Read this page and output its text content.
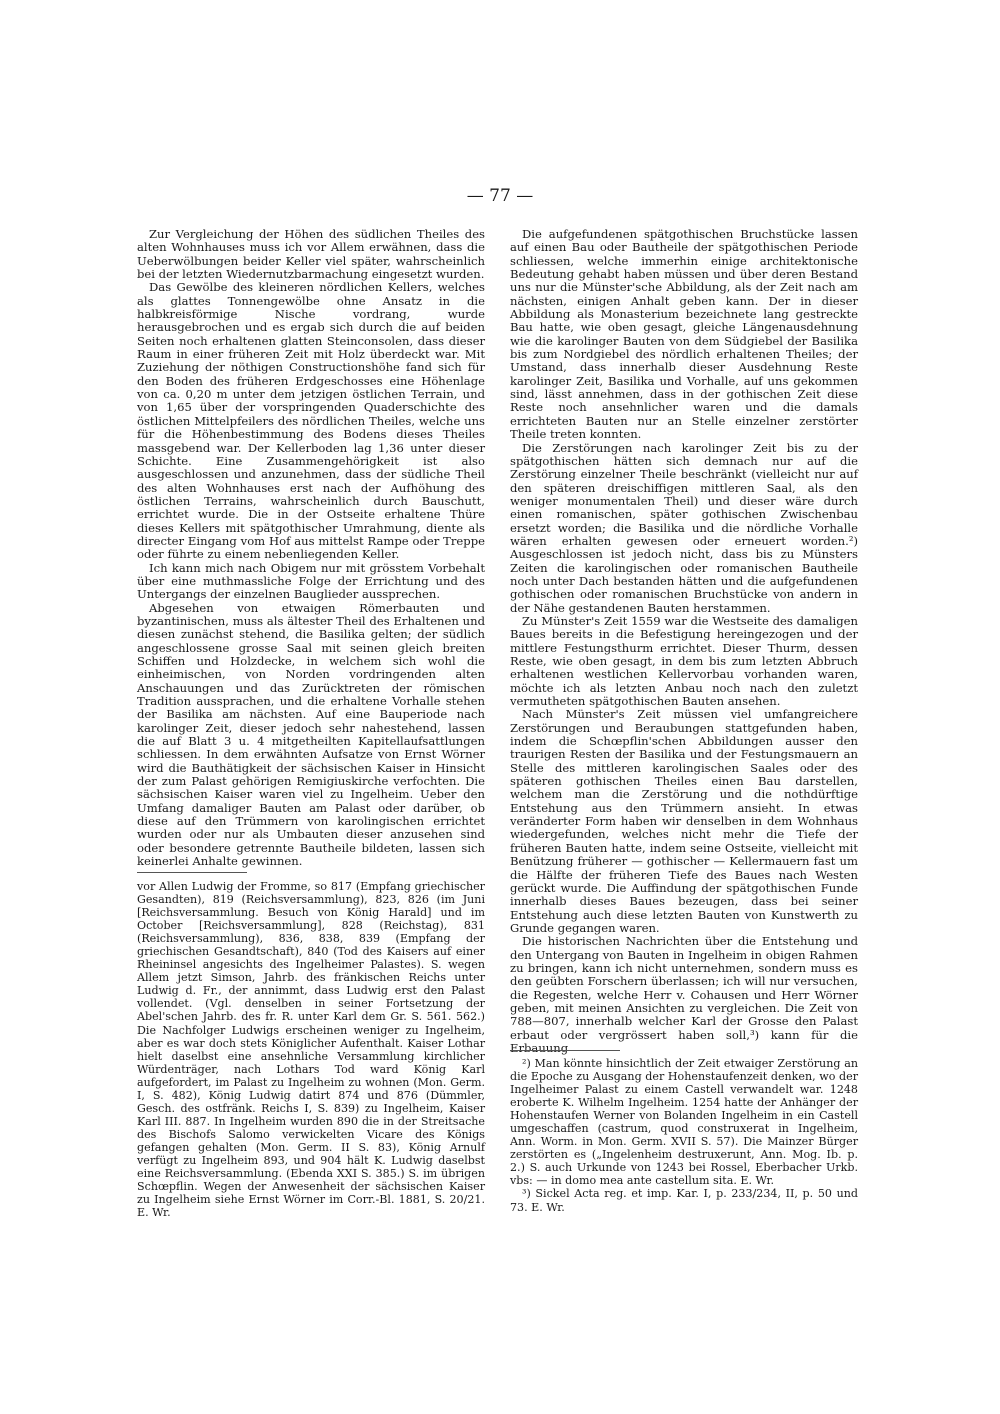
— 77 —

Zur Vergleichung der Höhen des südlichen Theiles des alten Wohnhauses muss ich vor Allem erwähnen, dass die Ueberwölbungen beider Keller viel später, wahrscheinlich bei der letzten Wiedernutzbarmachung eingesetzt wurden.

Das Gewölbe des kleineren nördlichen Kellers, welches als glattes Tonnengewölbe ohne Ansatz in die halbkreisförmige Nische vordrang, wurde herausgebrochen und es ergab sich durch die auf beiden Seiten noch erhaltenen glatten Steinconsolen, dass dieser Raum in einer früheren Zeit mit Holz überdeckt war. Mit Zuziehung der nöthigen Constructionshöhe fand sich für den Boden des früheren Erdgeschosses eine Höhenlage von ca. 0,20 m unter dem jetzigen östlichen Terrain, und von 1,65 über der vorspringenden Quaderschichte des östlichen Mittelpfeilers des nördlichen Theiles, welche uns für die Höhenbestimmung des Bodens dieses Theiles massgebend war. Der Kellerboden lag 1,36 unter dieser Schichte. Eine Zusammengehörigkeit ist also ausgeschlossen und anzunehmen, dass der südliche Theil des alten Wohnhauses erst nach der Aufhöhung des östlichen Terrains, wahrscheinlich durch Bauschutt, errichtet wurde. Die in der Ostseite erhaltene Thüre dieses Kellers mit spätgothischer Umrahmung, diente als directer Eingang vom Hof aus mittelst Rampe oder Treppe oder führte zu einem nebenliegenden Keller.

Ich kann mich nach Obigem nur mit grösstem Vorbehalt über eine muthmassliche Folge der Errichtung und des Untergangs der einzelnen Bauglieder aussprechen.

Abgesehen von etwaigen Römerbauten und byzantinischen, muss als ältester Theil des Erhaltenen und diesen zunächst stehend, die Basilika gelten; der südlich angeschlossene grosse Saal mit seinen gleich breiten Schiffen und Holzdecke, in welchem sich wohl die einheimischen, von Norden vordringenden alten Anschauungen und das Zurücktreten der römischen Tradition aussprachen, und die erhaltene Vorhalle stehen der Basilika am nächsten. Auf eine Bauperiode nach karolinger Zeit, dieser jedoch sehr nahestehend, lassen die auf Blatt 3 u. 4 mitgetheilten Kapitellaufsattlungen schliessen. In dem erwähnten Aufsatze von Ernst Wörner wird die Bauthätigkeit der sächsischen Kaiser in Hinsicht der zum Palast gehörigen Remigiuskirche verfochten. Die sächsischen Kaiser waren viel zu Ingelheim. Ueber den Umfang damaliger Bauten am Palast oder darüber, ob diese auf den Trümmern von karolingischen errichtet wurden oder nur als Umbauten dieser anzusehen sind oder besondere getrennte Bautheile bildeten, lassen sich keinerlei Anhalte gewinnen.

vor Allen Ludwig der Fromme, so 817 (Empfang griechischer Gesandten), 819 (Reichsversammlung), 823, 826 (im Juni [Reichsversammlung. Besuch von König Harald] und im October [Reichsversammlung], 828 (Reichstag), 831 (Reichsversammlung), 836, 838, 839 (Empfang der griechischen Gesandtschaft), 840 (Tod des Kaisers auf einer Rheininsel angesichts des Ingelheimer Palastes). S. wegen Allem jetzt Simson, Jahrb. des fränkischen Reichs unter Ludwig d. Fr., der annimmt, dass Ludwig erst den Palast vollendet. (Vgl. denselben in seiner Fortsetzung der Abel'schen Jahrb. des fr. R. unter Karl dem Gr. S. 561. 562.) Die Nachfolger Ludwigs erscheinen weniger zu Ingelheim, aber es war doch stets Königlicher Aufenthalt. Kaiser Lothar hielt daselbst eine ansehnliche Versammlung kirchlicher Würdenträger, nach Lothars Tod ward König Karl aufgefordert, im Palast zu Ingelheim zu wohnen (Mon. Germ. I, S. 482), König Ludwig datirt 874 und 876 (Dümmler, Gesch. des ostfränk. Reichs I, S. 839) zu Ingelheim, Kaiser Karl III. 887. In Ingelheim wurden 890 die in der Streitsache des Bischofs Salomo verwickelten Vicare des Königs gefangen gehalten (Mon. Germ. II S. 83), König Arnulf verfügt zu Ingelheim 893, und 904 hält K. Ludwig daselbst eine Reichsversammlung. (Ebenda XXI S. 385.) S. im übrigen Schœpflin. Wegen der Anwesenheit der sächsischen Kaiser zu Ingelheim siehe Ernst Wörner im Corr.-Bl. 1881, S. 20/21. E. Wr.

Die aufgefundenen spätgothischen Bruchstücke lassen auf einen Bau oder Bautheile der spätgothischen Periode schliessen, welche immerhin einige architektonische Bedeutung gehabt haben müssen und über deren Bestand uns nur die Münster'sche Abbildung, als der Zeit nach am nächsten, einigen Anhalt geben kann. Der in dieser Abbildung als Monasterium bezeichnete lang gestreckte Bau hatte, wie oben gesagt, gleiche Längenausdehnung wie die karolinger Bauten von dem Südgiebel der Basilika bis zum Nordgiebel des nördlich erhaltenen Theiles; der Umstand, dass innerhalb dieser Ausdehnung Reste karolinger Zeit, Basilika und Vorhalle, auf uns gekommen sind, lässt annehmen, dass in der gothischen Zeit diese Reste noch ansehnlicher waren und die damals errichteten Bauten nur an Stelle einzelner zerstörter Theile treten konnten.

Die Zerstörungen nach karolinger Zeit bis zu der spätgothischen hätten sich demnach nur auf die Zerstörung einzelner Theile beschränkt (vielleicht nur auf den späteren dreischiffigen mittleren Saal, als den weniger monumentalen Theil) und dieser wäre durch einen romanischen, später gothischen Zwischenbau ersetzt worden; die Basilika und die nördliche Vorhalle wären erhalten gewesen oder erneuert worden.²) Ausgeschlossen ist jedoch nicht, dass bis zu Münsters Zeiten die karolingischen oder romanischen Bautheile noch unter Dach bestanden hätten und die aufgefundenen gothischen oder romanischen Bruchstücke von andern in der Nähe gestandenen Bauten herstammen.

Zu Münster's Zeit 1559 war die Westseite des damaligen Baues bereits in die Befestigung hereingezogen und der mittlere Festungsthurm errichtet. Dieser Thurm, dessen Reste, wie oben gesagt, in dem bis zum letzten Abbruch erhaltenen westlichen Kellervorbau vorhanden waren, möchte ich als letzten Anbau noch nach den zuletzt vermutheten spätgothischen Bauten ansehen.

Nach Münster's Zeit müssen viel umfangreichere Zerstörungen und Beraubungen stattgefunden haben, indem die Schœpflin'schen Abbildungen ausser den traurigen Resten der Basilika und der Festungsmauern an Stelle des mittleren karolingischen Saales oder des späteren gothischen Theiles einen Bau darstellen, welchem man die Zerstörung und die nothdürftige Entstehung aus den Trümmern ansieht. In etwas veränderter Form haben wir denselben in dem Wohnhaus wiedergefunden, welches nicht mehr die Tiefe der früheren Bauten hatte, indem seine Ostseite, vielleicht mit Benützung früherer — gothischer — Kellermauern fast um die Hälfte der früheren Tiefe des Baues nach Westen gerückt wurde. Die Auffindung der spätgothischen Funde innerhalb dieses Baues bezeugen, dass bei seiner Entstehung auch diese letzten Bauten von Kunstwerth zu Grunde gegangen waren.

Die historischen Nachrichten über die Entstehung und den Untergang von Bauten in Ingelheim in obigen Rahmen zu bringen, kann ich nicht unternehmen, sondern muss es den geübten Forschern überlassen; ich will nur versuchen, die Regesten, welche Herr v. Cohausen und Herr Wörner geben, mit meinen Ansichten zu vergleichen. Die Zeit von 788—807, innerhalb welcher Karl der Grosse den Palast erbaut oder vergrössert haben soll,³) kann für die Erbauung

²) Man könnte hinsichtlich der Zeit etwaiger Zerstörung an die Epoche zu Ausgang der Hohenstaufenzeit denken, wo der Ingelheimer Palast zu einem Castell verwandelt war. 1248 eroberte K. Wilhelm Ingelheim. 1254 hatte der Anhänger der Hohenstaufen Werner von Bolanden Ingelheim in ein Castell umgeschaffen (castrum, quod construxerat in Ingelheim, Ann. Worm. in Mon. Germ. XVII S. 57). Die Mainzer Bürger zerstörten es („Ingelenheim destruxerunt, Ann. Mog. Ib. p. 2.) S. auch Urkunde von 1243 bei Rossel, Eberbacher Urkb. vbs: — in domo mea ante castellum sita. E. Wr.

³) Sickel Acta reg. et imp. Kar. I, p. 233/234, II, p. 50 und 73. E. Wr.
